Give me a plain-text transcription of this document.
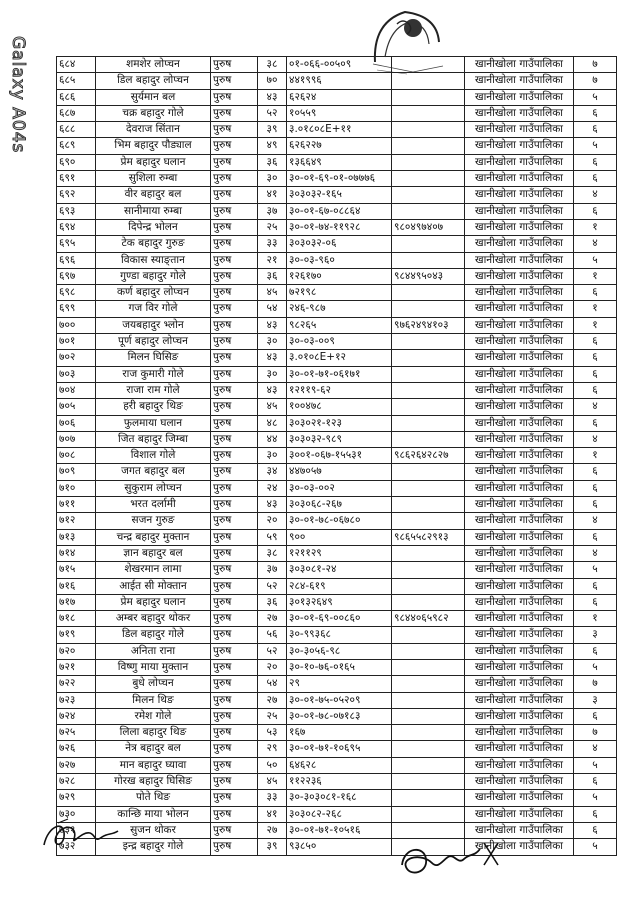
Galaxy A04s	६८४	शमशेर लोप्चन	पुरुष	३८	०१-०६६-००५०९		खानीखोला गाउँपालिका	७
६८५	डिल बहादुर लोप्चन	पुरुष	७०	४४१९९६		खानीखोला गाउँपालिका	७
६८६	सुर्यमान बल	पुरुष	४३	६२६२४		खानीखोला गाउँपालिका	५
६८७	चक्र बहादुर गोले	पुरुष	५२	१०५५९		खानीखोला गाउँपालिका	६
६८८	देवराज सिंतान	पुरुष	३९	३.०१८०८E+११		खानीखोला गाउँपालिका	६
६८९	भिम बहादुर पौड्याल	पुरुष	४९	६२६२२७		खानीखोला गाउँपालिका	५
६९०	प्रेम बहादुर घलान	पुरुष	३६	१३६६४९		खानीखोला गाउँपालिका	६
६९१	सुशिला रुम्बा	पुरुष	३०	३०-०१-६९-०१-०७७७६		खानीखोला गाउँपालिका	६
६९२	वीर बहादुर बल	पुरुष	४१	३०३०३२-१६५		खानीखोला गाउँपालिका	४
६९३	सानीमाया रुम्बा	पुरुष	३७	३०-०१-६७-०८८६४		खानीखोला गाउँपालिका	६
६९४	दिपेन्द्र भोलन	पुरुष	२५	३०-०१-७४-११९२८	९८०४९७४०७	खानीखोला गाउँपालिका	१
६९५	टेक बहादुर गुरुङ	पुरुष	३३	३०३०३२-०६		खानीखोला गाउँपालिका	४
६९६	विकास स्याङ्तान	पुरुष	२१	३०-०३-९६०		खानीखोला गाउँपालिका	५
६९७	गुण्डा बहादुर गोले	पुरुष	३६	१२६१७०	९८४४९५०४३	खानीखोला गाउँपालिका	१
६९८	कर्ण बहादुर लोप्चन	पुरुष	४५	७२१९८		खानीखोला गाउँपालिका	६
६९९	गज विर गोले	पुरुष	५४	२४६-९८७		खानीखोला गाउँपालिका	१
७००	जयबहादुर भ्लोन	पुरुष	४३	९८२६५	९७६२४९४१०३	खानीखोला गाउँपालिका	१
७०१	पूर्ण बहादुर लोप्चन	पुरुष	३०	३०-०३-००९		खानीखोला गाउँपालिका	६
७०२	मिलन घिसिङ	पुरुष	४३	३.०१०८E+१२		खानीखोला गाउँपालिका	६
७०३	राज कुमारी गोले	पुरुष	३०	३०-०१-७१-०६१७१		खानीखोला गाउँपालिका	६
७०४	राजा राम गोले	पुरुष	४३	१२११९-६२		खानीखोला गाउँपालिका	६
७०५	हरी बहादुर थिङ	पुरुष	४५	१००४७८		खानीखोला गाउँपालिका	४
७०६	फुलमाया घलान	पुरुष	४८	३०३०२१-१२३		खानीखोला गाउँपालिका	६
७०७	जित बहादुर जिम्बा	पुरुष	४४	३०३०३२-९८९		खानीखोला गाउँपालिका	४
७०८	विशाल गोले	पुरुष	३०	३००१-०६७-१५५३१	९८६२६४२८२७	खानीखोला गाउँपालिका	१
७०९	जगत बहादुर बल	पुरुष	३४	४४७०५७		खानीखोला गाउँपालिका	६
७१०	सुकुराम लोप्चन	पुरुष	२४	३०-०३-००२		खानीखोला गाउँपालिका	६
७११	भरत दर्लामी	पुरुष	४३	३०३०६८-२६७		खानीखोला गाउँपालिका	६
७१२	सजन गुरुङ	पुरुष	२०	३०-०१-७८-०६७८०		खानीखोला गाउँपालिका	४
७१३	चन्द्र बहादुर मुक्तान	पुरुष	५९	९००	९८६५५८२९१३	खानीखोला गाउँपालिका	६
७१४	ज्ञान बहादुर बल	पुरुष	३८	१२११२९		खानीखोला गाउँपालिका	४
७१५	शेखरमान लामा	पुरुष	३७	३०३०८१-२४		खानीखोला गाउँपालिका	५
७१६	आईत सी मोक्तान	पुरुष	५२	२८४-६१९		खानीखोला गाउँपालिका	६
७१७	प्रेम बहादुर घलान	पुरुष	३६	३०१३२६४९		खानीखोला गाउँपालिका	६
७१८	अम्बर बहादुर थोकर	पुरुष	२७	३०-०१-६९-००८६०	९८४४०६५९८२	खानीखोला गाउँपालिका	१
७१९	डिल बहादुर गोले	पुरुष	५६	३०-९९३६८		खानीखोला गाउँपालिका	३
७२०	अनिता राना	पुरुष	५२	३०-३०५६-९८		खानीखोला गाउँपालिका	६
७२१	विष्णु माया मुक्तान	पुरुष	२०	३०-१०-७६-०१६५		खानीखोला गाउँपालिका	५
७२२	बुधे लोप्चन	पुरुष	५४	२९		खानीखोला गाउँपालिका	७
७२३	मिलन थिङ	पुरुष	२७	३०-०१-७५-०५२०९		खानीखोला गाउँपालिका	३
७२४	रमेश गोले	पुरुष	२५	३०-०१-७८-०७१८३		खानीखोला गाउँपालिका	६
७२५	लिला बहादुर थिङ	पुरुष	५३	१६७		खानीखोला गाउँपालिका	७
७२६	नेत्र बहादुर बल	पुरुष	२९	३०-०१-७१-१०६९५		खानीखोला गाउँपालिका	४
७२७	मान बहादुर घ्यावा	पुरुष	५०	६४६२८		खानीखोला गाउँपालिका	५
७२८	गोरख बहादुर घिसिङ	पुरुष	४५	११२२३६		खानीखोला गाउँपालिका	६
७२९	पोते थिङ	पुरुष	३३	३०-३०३०८१-१६८		खानीखोला गाउँपालिका	५
७३०	कान्छि माया भोलन	पुरुष	४१	३०३०८२-२६८		खानीखोला गाउँपालिका	६
७३१	सुजन थोकर	पुरुष	२७	३०-०१-७१-१०५१६		खानीखोला गाउँपालिका	६
७३२	इन्द्र बहादुर गोले	पुरुष	३९	९३८५०		खानीखोला गाउँपालिका	५
